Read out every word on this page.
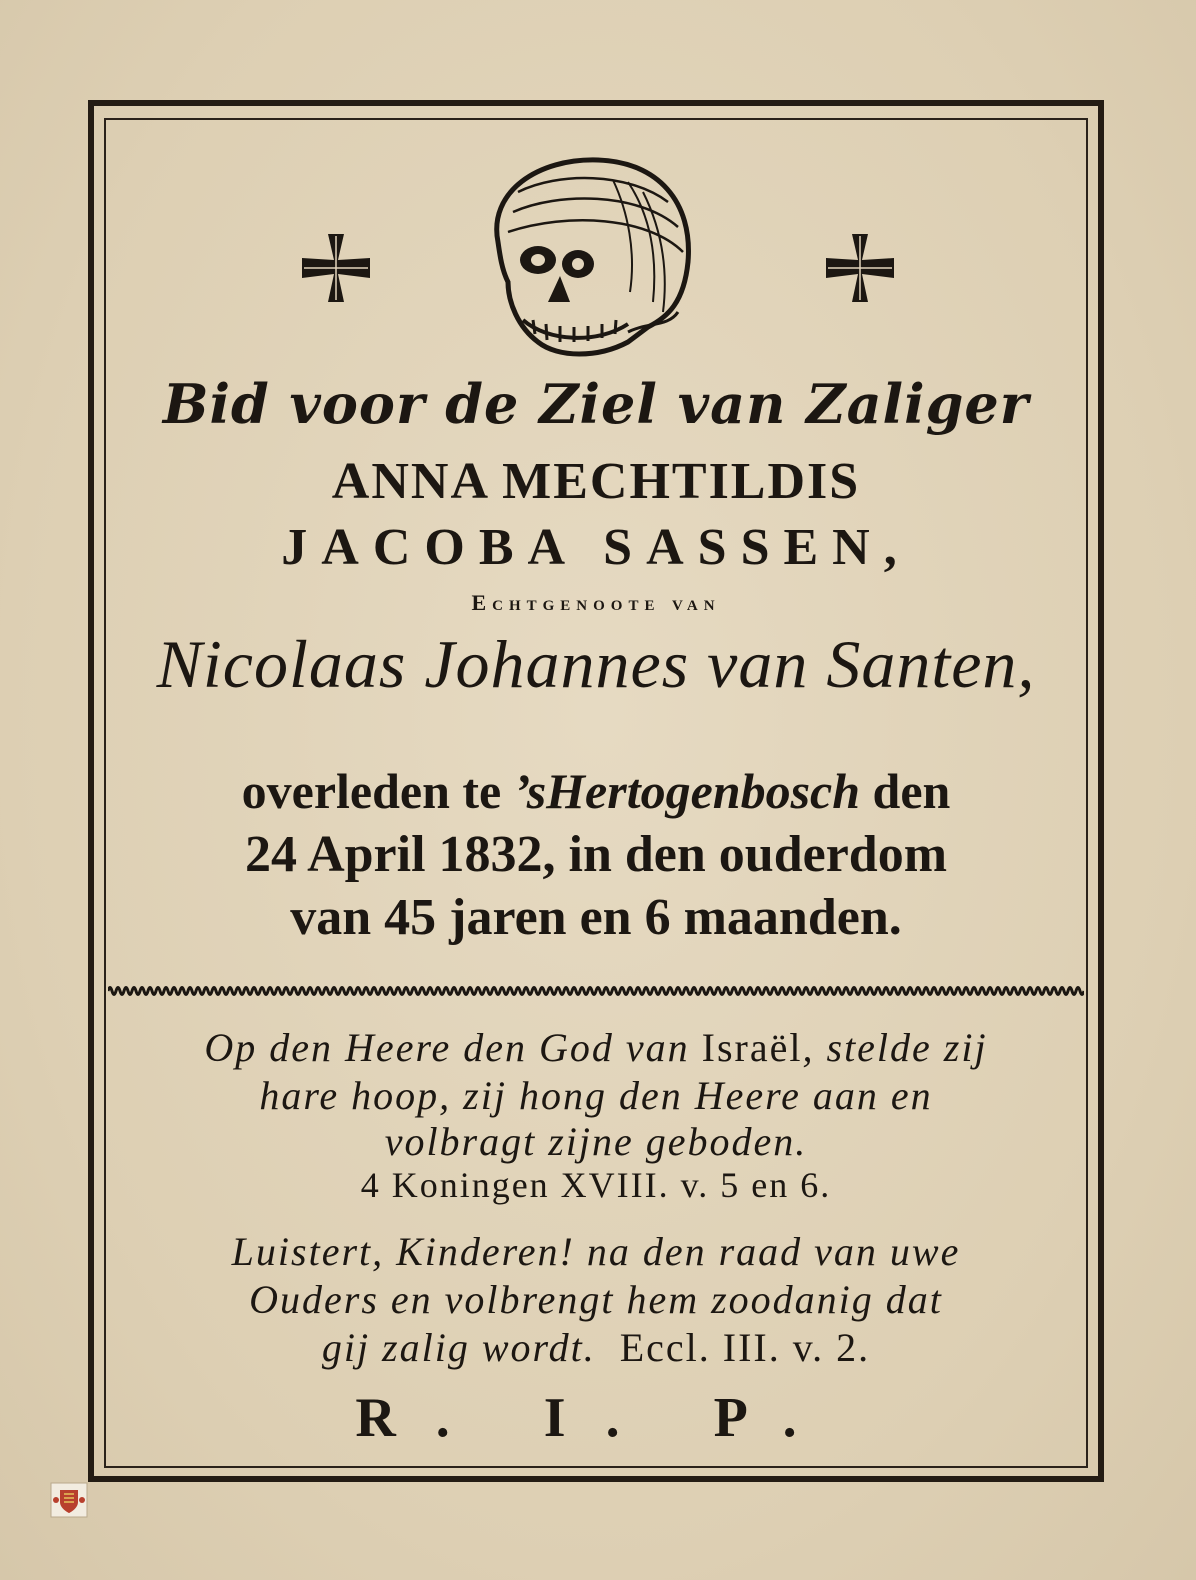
Bid voor de Ziel van Zaliger
ANNA MECHTILDIS
JACOBA SASSEN,
Echtgenoote van
Nicolaas Johannes van Santen,
overleden te ’sHertogenbosch den
24 April 1832, in den ouderdom
van 45 jaren en 6 maanden.
Op den Heere den God van Israël, stelde zij
hare hoop, zij hong den Heere aan en
volbragt zijne geboden.
4 Koningen XVIII. v. 5 en 6.
Luistert, Kinderen! na den raad van uwe
Ouders en volbrengt hem zoodanig dat
gij zalig wordt.  Eccl. III. v. 2.
R. I. P.
